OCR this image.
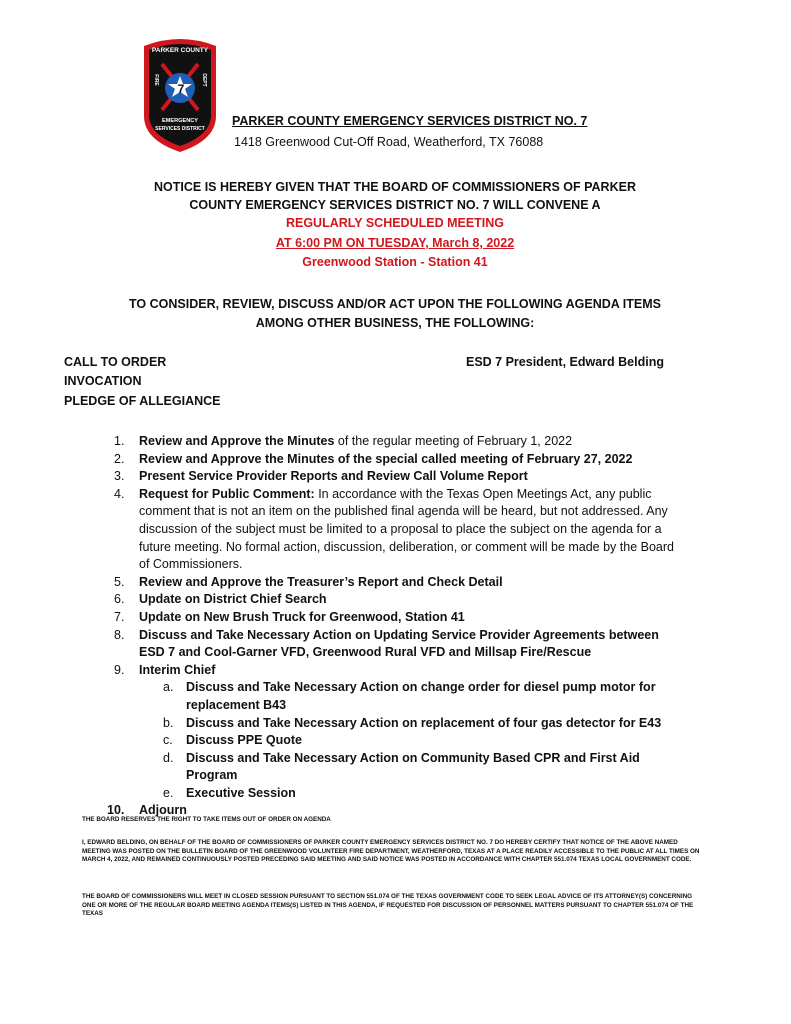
PARKER COUNTY
7
FIRE	DEPT
EMERGENCY
SERVICES DISTRICT
PARKER COUNTY EMERGENCY SERVICES DISTRICT NO. 7
1418 Greenwood Cut-Off Road, Weatherford, TX 76088
NOTICE IS HEREBY GIVEN THAT THE BOARD OF COMMISSIONERS OF PARKER
COUNTY EMERGENCY SERVICES DISTRICT NO. 7 WILL CONVENE A
REGULARLY SCHEDULED MEETING
AT 6:00 PM ON TUESDAY, March 8, 2022
Greenwood Station - Station 41
TO CONSIDER, REVIEW, DISCUSS AND/OR ACT UPON THE FOLLOWING AGENDA ITEMS
AMONG OTHER BUSINESS, THE FOLLOWING:
CALL TO ORDER	ESD 7 President, Edward Belding
INVOCATION
PLEDGE OF ALLEGIANCE
1. Review and Approve the Minutes of the regular meeting of February 1, 2022
2. Review and Approve the Minutes of the special called meeting of February 27, 2022
3. Present Service Provider Reports and Review Call Volume Report
4. Request for Public Comment: In accordance with the Texas Open Meetings Act, any public comment that is not an item on the published final agenda will be heard, but not addressed. Any discussion of the subject must be limited to a proposal to place the subject on the agenda for a future meeting. No formal action, discussion, deliberation, or comment will be made by the Board of Commissioners.
5. Review and Approve the Treasurer’s Report and Check Detail
6. Update on District Chief Search
7. Update on New Brush Truck for Greenwood, Station 41
8. Discuss and Take Necessary Action on Updating Service Provider Agreements between ESD 7 and Cool-Garner VFD, Greenwood Rural VFD and Millsap Fire/Rescue
9. Interim Chief
a. Discuss and Take Necessary Action on change order for diesel pump motor for replacement B43
b. Discuss and Take Necessary Action on replacement of four gas detector for E43
c. Discuss PPE Quote
d. Discuss and Take Necessary Action on Community Based CPR and First Aid Program
e. Executive Session
10. Adjourn
THE BOARD RESERVES THE RIGHT TO TAKE ITEMS OUT OF ORDER ON AGENDA
I, EDWARD BELDING, ON BEHALF OF THE BOARD OF COMMISSIONERS OF PARKER COUNTY EMERGENCY SERVICES DISTRICT NO. 7 DO HEREBY CERTIFY THAT NOTICE OF THE ABOVE NAMED MEETING WAS POSTED ON THE BULLETIN BOARD OF THE GREENWOOD VOLUNTEER FIRE DEPARTMENT, WEATHERFORD, TEXAS AT A PLACE READILY ACCESSIBLE TO THE PUBLIC AT ALL TIMES ON MARCH 4, 2022, AND REMAINED CONTINUOUSLY POSTED PRECEDING SAID MEETING AND SAID NOTICE WAS POSTED IN ACCORDANCE WITH CHAPTER 551.074 TEXAS LOCAL GOVERNMENT CODE.
THE BOARD OF COMMISSIONERS WILL MEET IN CLOSED SESSION PURSUANT TO SECTION 551.074 OF THE TEXAS GOVERNMENT CODE TO SEEK LEGAL ADVICE OF ITS ATTORNEY(S) CONCERNING ONE OR MORE OF THE REGULAR BOARD MEETING AGENDA ITEMS(S) LISTED IN THIS AGENDA, IF REQUESTED FOR DISCUSSION OF PERSONNEL MATTERS PURSUANT TO CHAPTER 551.074 OF THE TEXAS
